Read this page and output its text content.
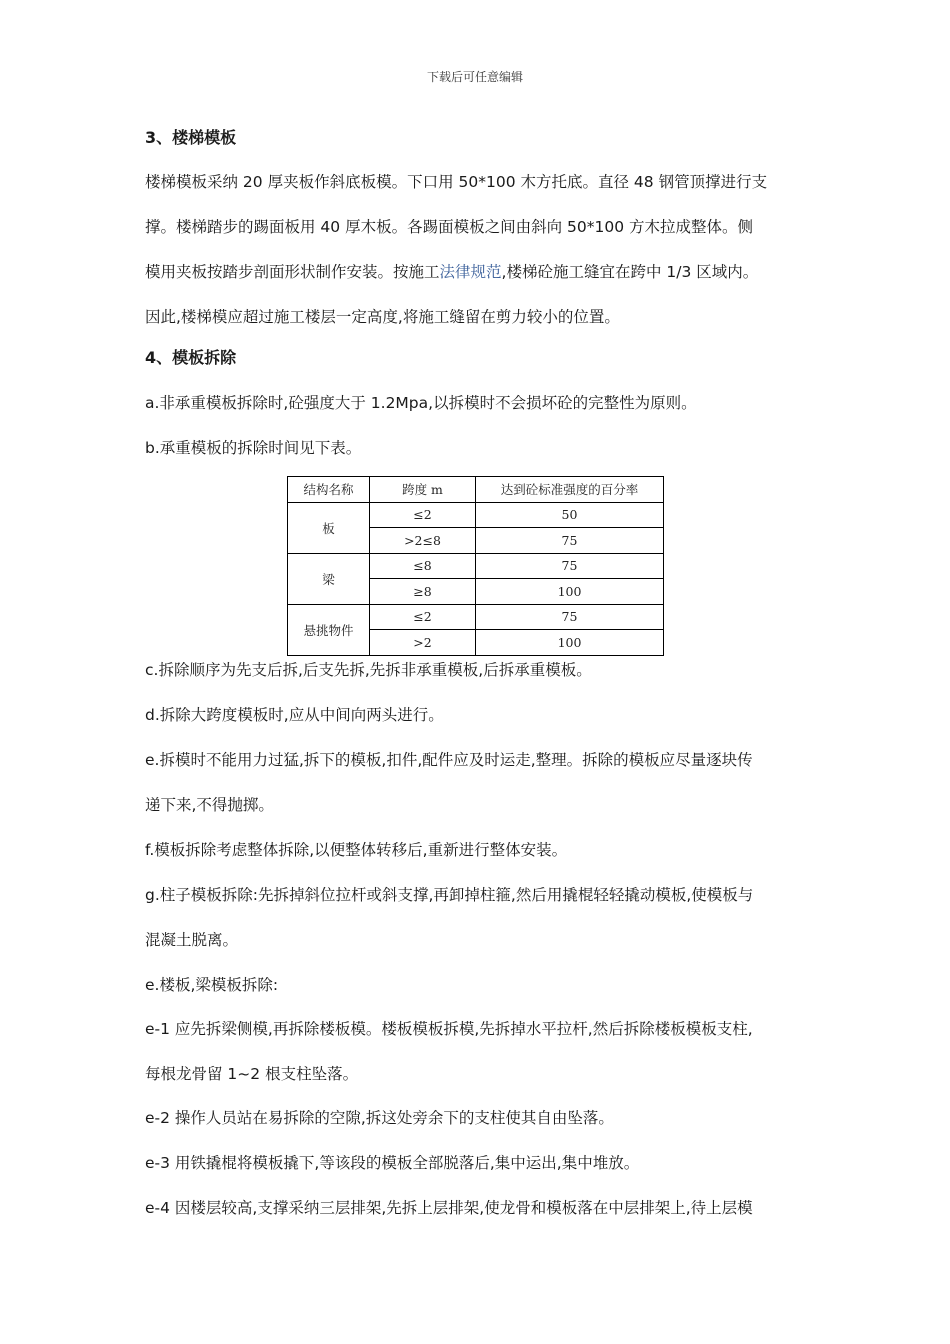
下载后可任意编辑
3、楼梯模板
楼梯模板采纳 20 厚夹板作斜底板模。下口用 50*100 木方托底。直径 48 钢管顶撑进行支
撑。楼梯踏步的踢面板用 40 厚木板。各踢面模板之间由斜向 50*100 方木拉成整体。侧
模用夹板按踏步剖面形状制作安装。按施工法律规范,楼梯砼施工缝宜在跨中 1/3 区域内。
因此,楼梯模应超过施工楼层一定高度,将施工缝留在剪力较小的位置。
4、模板拆除
a.非承重模板拆除时,砼强度大于 1.2Mpa,以拆模时不会损坏砼的完整性为原则。
b.承重模板的拆除时间见下表。
结构名称	跨度 m	达到砼标准强度的百分率
板	≤2	50
	>2≤8	75
梁	≤8	75
	≥8	100
悬挑物件	≤2	75
	>2	100
c.拆除顺序为先支后拆,后支先拆,先拆非承重模板,后拆承重模板。
d.拆除大跨度模板时,应从中间向两头进行。
e.拆模时不能用力过猛,拆下的模板,扣件,配件应及时运走,整理。拆除的模板应尽量逐块传
递下来,不得抛掷。
f.模板拆除考虑整体拆除,以便整体转移后,重新进行整体安装。
g.柱子模板拆除:先拆掉斜位拉杆或斜支撑,再卸掉柱箍,然后用撬棍轻轻撬动模板,使模板与
混凝土脱离。
e.楼板,梁模板拆除:
e-1 应先拆梁侧模,再拆除楼板模。楼板模板拆模,先拆掉水平拉杆,然后拆除楼板模板支柱,
每根龙骨留 1~2 根支柱坠落。
e-2 操作人员站在易拆除的空隙,拆这处旁余下的支柱使其自由坠落。
e-3 用铁撬棍将模板撬下,等该段的模板全部脱落后,集中运出,集中堆放。
e-4 因楼层较高,支撑采纳三层排架,先拆上层排架,使龙骨和模板落在中层排架上,待上层模
